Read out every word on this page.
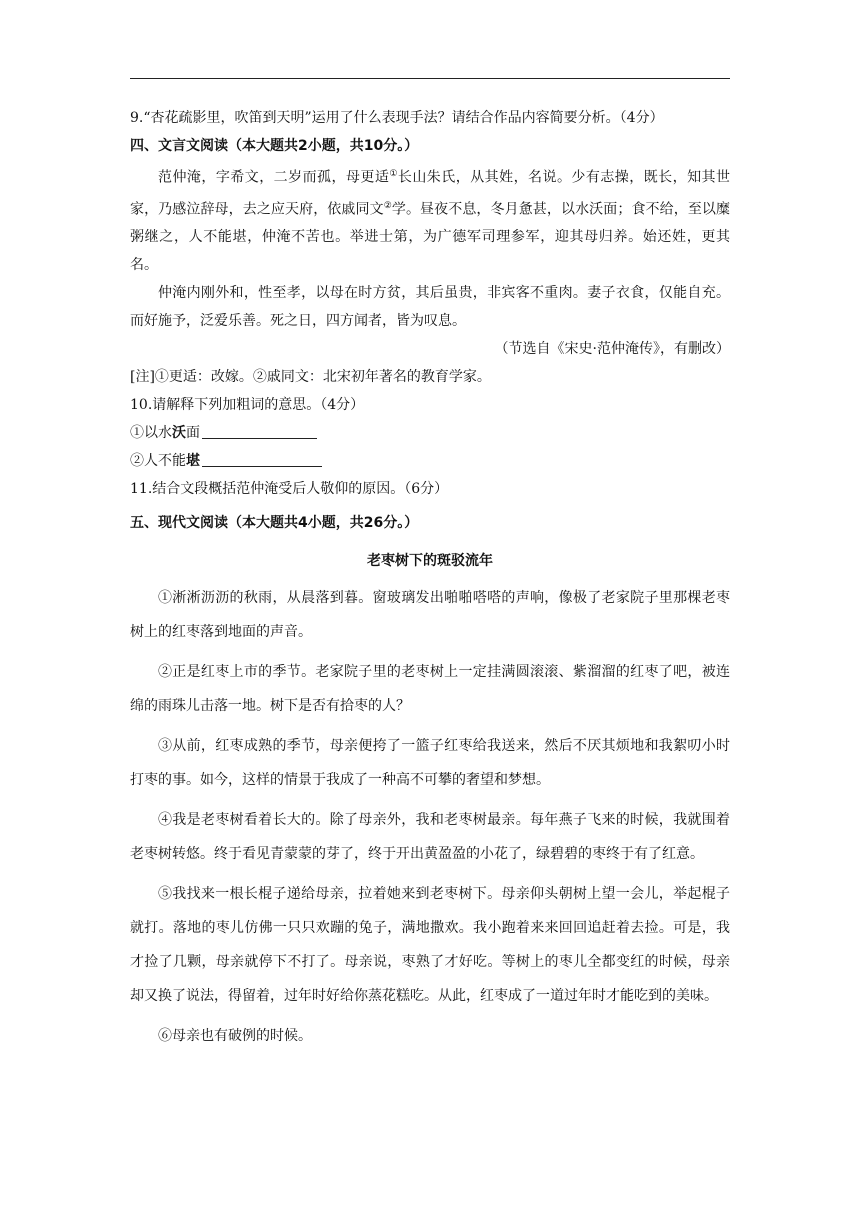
9.“杏花疏影里，吹笛到天明”运用了什么表现手法？请结合作品内容简要分析。（4分）

四、文言文阅读（本大题共2小题，共10分。）

范仲淹，字希文，二岁而孤，母更适①长山朱氏，从其姓，名说。少有志操，既长，知其世家，乃感泣辞母，去之应天府，依戚同文②学。昼夜不息，冬月惫甚，以水沃面；食不给，至以糜粥继之，人不能堪，仲淹不苦也。举进士第，为广德军司理参军，迎其母归养。始还姓，更其名。

仲淹内刚外和，性至孝，以母在时方贫，其后虽贵，非宾客不重肉。妻子衣食，仅能自充。而好施予，泛爱乐善。死之日，四方闻者，皆为叹息。

（节选自《宋史·范仲淹传》，有删改）

[注]①更适：改嫁。②戚同文：北宋初年著名的教育学家。

10.请解释下列加粗词的意思。（4分）

①以水沃面

②人不能堪

11.结合文段概括范仲淹受后人敬仰的原因。（6分）

五、现代文阅读（本大题共4小题，共26分。）

老枣树下的斑驳流年

①淅淅沥沥的秋雨，从晨落到暮。窗玻璃发出啪啪嗒嗒的声响，像极了老家院子里那棵老枣树上的红枣落到地面的声音。

②正是红枣上市的季节。老家院子里的老枣树上一定挂满圆滚滚、紫溜溜的红枣了吧，被连绵的雨珠儿击落一地。树下是否有拾枣的人？

③从前，红枣成熟的季节，母亲便挎了一篮子红枣给我送来，然后不厌其烦地和我絮叨小时打枣的事。如今，这样的情景于我成了一种高不可攀的奢望和梦想。

④我是老枣树看着长大的。除了母亲外，我和老枣树最亲。每年燕子飞来的时候，我就围着老枣树转悠。终于看见青蒙蒙的芽了，终于开出黄盈盈的小花了，绿碧碧的枣终于有了红意。

⑤我找来一根长棍子递给母亲，拉着她来到老枣树下。母亲仰头朝树上望一会儿，举起棍子就打。落地的枣儿仿佛一只只欢蹦的兔子，满地撒欢。我小跑着来来回回追赶着去捡。可是，我才捡了几颗，母亲就停下不打了。母亲说，枣熟了才好吃。等树上的枣儿全都变红的时候，母亲却又换了说法，得留着，过年时好给你蒸花糕吃。从此，红枣成了一道过年时才能吃到的美味。

⑥母亲也有破例的时候。
